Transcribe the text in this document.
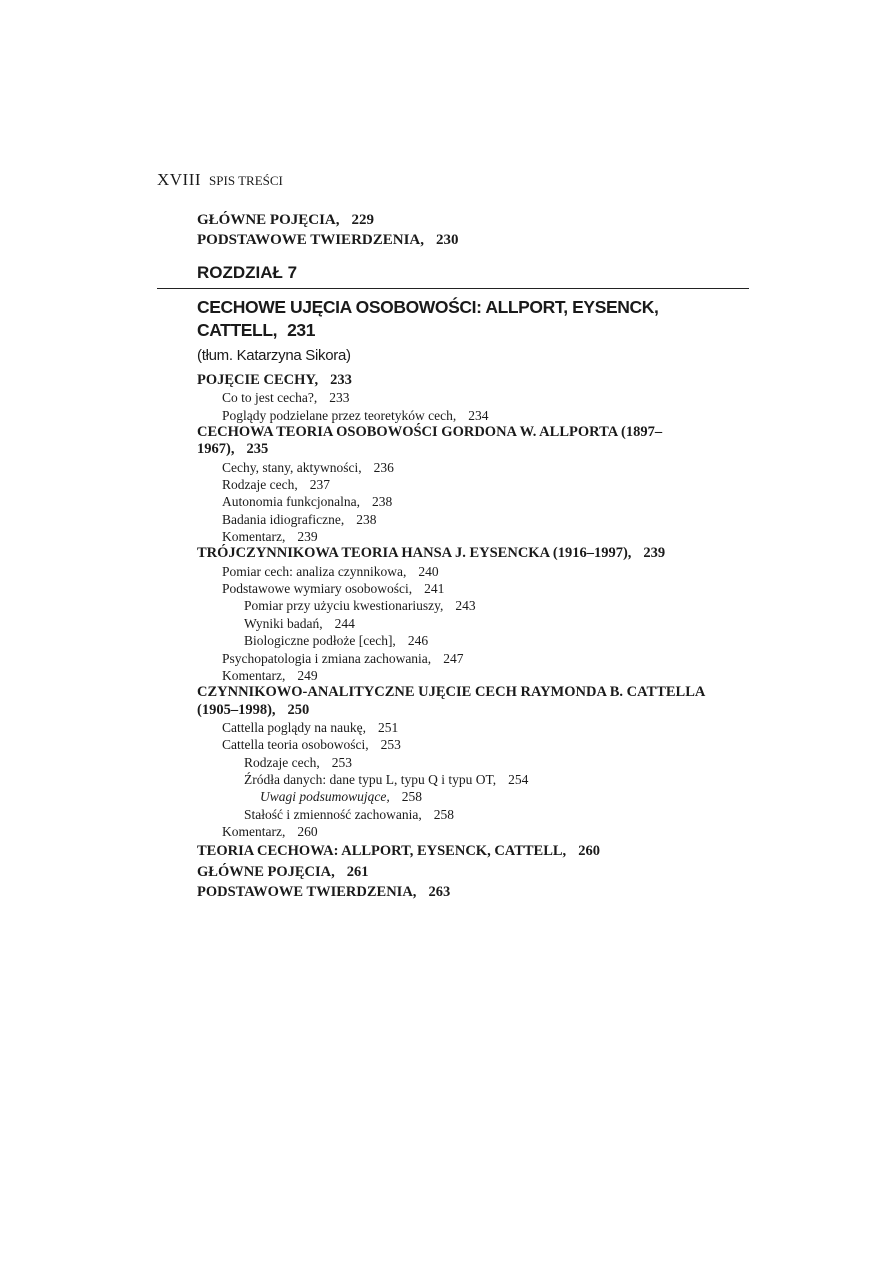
XVIII SPIS TREŚCI
GŁÓWNE POJĘCIA, 229
PODSTAWOWE TWIERDZENIA, 230
ROZDZIAŁ 7
CECHOWE UJĘCIA OSOBOWOŚCI: ALLPORT, EYSENCK, CATTELL, 231
(tłum. Katarzyna Sikora)
POJĘCIE CECHY, 233
Co to jest cecha?, 233
Poglądy podzielane przez teoretyków cech, 234
CECHOWA TEORIA OSOBOWOŚCI GORDONA W. ALLPORTA (1897–1967), 235
Cechy, stany, aktywności, 236
Rodzaje cech, 237
Autonomia funkcjonalna, 238
Badania idiograficzne, 238
Komentarz, 239
TRÓJCZYNNIKOWA TEORIA HANSA J. EYSENCKA (1916–1997), 239
Pomiar cech: analiza czynnikowa, 240
Podstawowe wymiary osobowości, 241
Pomiar przy użyciu kwestionariuszy, 243
Wyniki badań, 244
Biologiczne podłoże [cech], 246
Psychopatologia i zmiana zachowania, 247
Komentarz, 249
CZYNNIKOWO-ANALITYCZNE UJĘCIE CECH RAYMONDA B. CATTELLA (1905–1998), 250
Cattella poglądy na naukę, 251
Cattella teoria osobowości, 253
Rodzaje cech, 253
Źródła danych: dane typu L, typu Q i typu OT, 254
Uwagi podsumowujące, 258
Stałość i zmienność zachowania, 258
Komentarz, 260
TEORIA CECHOWA: ALLPORT, EYSENCK, CATTELL, 260
GŁÓWNE POJĘCIA, 261
PODSTAWOWE TWIERDZENIA, 263
